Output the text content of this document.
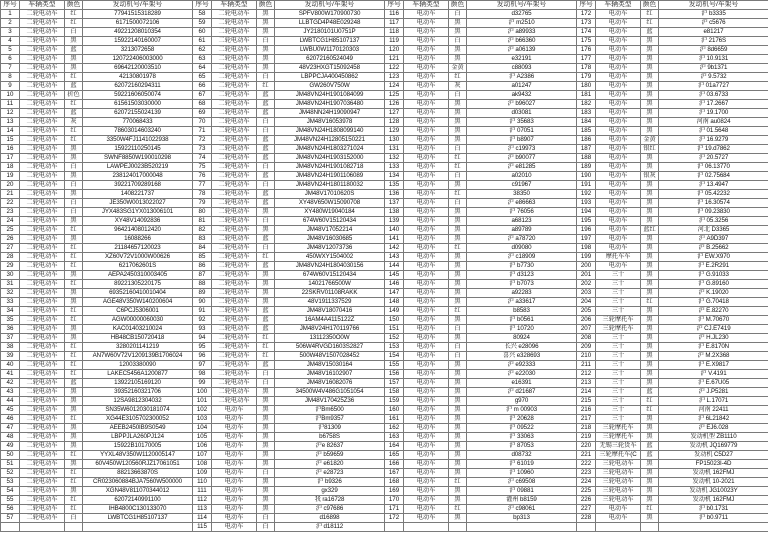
序号	车辆类型	颜色	发动机号/车架号	序号	车辆类型	颜色	发动机号/车架号	序号	车辆类型	颜色	发动机号/车架号	序号	车辆类型	颜色	发动机号/车架号
1	二轮电动车	红	77941515318289	58	二轮电动车	黑	SPFV800W170900730	116	电动车	白	d32765	172	电动车	红	沪 b3335
2	二轮电动车	红	6171500072106	59	二轮电动车	黑	LLBTGD4P48E029248	117	电动车	黑	沪 m2510	173	电动车	红	沪 c5676
3	二轮电动车	白	49221208010354	60	二轮电动车	黑	JY2180101U0751P	118	电动车	黑	沪 a89933	174	电动车	蓝	e81217
4	二轮电动车	黑	15922140160007	61	二轮电动车	白	LWBTCG1H85107137	119	电动车	白	沪 b66360	175	电动车	黑	沪 2176S
5	二轮电动车	蓝	3213072658	62	二轮电动车	黑	LWBU0W1170120303	120	电动车	黑	沪 a06139	176	电动车	黑	沪 8d6659
6	二轮电动车	黑	120722406003000	63	二轮电动车	黑	62072160524049	121	电动车	黑	e32191	177	电动车	黑	沪 10.9131
7	二轮电动车	黑	69642120003510	64	二轮电动车	黑	48V23HXGT15092458	122	电动车	金黄	c88093	178	电动车	黑	沪 9b1371
8	二轮电动车	红	42130801978	65	二轮电动车	白	LBPPCJA400450862	123	电动车	红	沪 A2386	179	电动车	黑	沪 9.5732
9	二轮电动车	蓝	62072160294311	66	二轮电动车	红	GW260V750W	124	电动车	灰	a01247	180	电动车	黑	沪 01a7727
10	二轮电动车	折色	59221606050074	67	二轮电动车	蓝	JM48VN24H1901084099	125	电动车	白	ak9432	181	电动车	黑	沪 03.6733
11	二轮电动车	红	61561503030000	68	二轮电动车	蓝	JM48VN24H1907036480	126	电动车	黑	沪 b96027	182	电动车	黑	沪 17.2667
12	二轮电动车	蓝	62072155024139	69	二轮电动车	蓝	JM48NN24H19090947	127	电动车	黑	d03081	183	电动车	黑	沪 19.1700
13	二轮电动车	灰	770068433	70	二轮电动车	白	JM48V16053978	128	电动车	黑	沪 35683	184	电动车	黑	河南 au0824
14	二轮电动车	红	78603014603240	71	二轮电动车	白	JM48VN24H1808099140	129	电动车	黑	沪 07051	185	电动车	黑	沪 01.5648
15	二轮电动车	红	3350W4FJ1141022938	72	二轮电动车	蓝	JM48VN24H12805150221	130	电动车	黑	沪 b8907	186	电动车	金黄	沪 16.9279
16	二轮电动车	黑	15922110250145	73	二轮电动车	蓝	JM48VN24H1803271024	131	电动车	白	沪 c19973	187	电动车	银红	沪 19.d7862
17	二轮电动车	黑	SWNF8850W190010298	74	二轮电动车	蓝	JM48VN24H1903152000	132	电动车	红	沪 b90077	188	电动车	黑	沪 20.5727
18	二轮电动车	白	LAWPEJ0023B520219	75	二轮电动车	白	JM48VN24H1901082718	133	电动车	红	沪 e81285	189	电动车	黑	沪 06.13770
19	二轮电动车	黑	238124017000048	76	二轮电动车	蓝	JM48VN24H1901106089	134	电动车	白	a02010	190	电动车	银灰	沪 02.75684
20	二轮电动车	白	39221709289168	77	二轮电动车	白	JM48VN24H1801180032	135	电动车	黑	c91967	191	电动车	黑	沪 13.4947
21	二轮电动车	黑	1408221737	78	二轮电动车	蓝	JM48V17010620S	136	电动车	红	38350	192	电动车	黑	沪 05.42232
22	二轮电动车	白	JE350W0013022027	79	二轮电动车	蓝	XY48V650W15090708	137	电动车	白	沪 e86663	193	电动车	黑	沪 16.30574
23	二轮电动车	白	JYX483SG1YX013006101	80	二轮电动车	黑	XY480W19040184	138	电动车	黑	沪 76056	194	电动车	黑	沪 09.23830
24	二轮电动车	黑	XY48V14092836	81	二轮电动车	白	674W60V15120434	139	电动车	黑	a68123	195	电动车	黑	沪 05.3256
25	二轮电动车	红	96421408012420	82	二轮电动车	黑	JM48V17052214	140	电动车	黑	a89789	196	电动车	蓝红	河北 D3365
26	二轮电动车	黑	16088266	83	二轮电动车	蓝	JM48V16030685	141	电动车	黑	沪 a78720	197	电动车	黑	沪 A9D397
27	二轮电动车	红	21184657120023	84	二轮电动车	白	JM48V12073736	142	电动车	红	d09080	198	电动车	黑	沪 B.25662
28	二轮电动车	红	XZ60V72V1000W00626	85	二轮电动车	红	450WXY1504002	143	电动车	黑	沪 c18909	199	摩托车车	黑	沪 EW.X970
29	二轮电动车	红	6217062601S	86	二轮电动车	蓝	JM48VN24H1804030156	144	电动车	黑	沪 b7730	200	电动车	黑	沪 E.2R291
30	二轮电动车	黑	AEPA2450310003405	87	二轮电动车	黑	674W60V15120434	145	电动车	黑	沪 d3123	201	三十	黑	沪 G.91033
31	二轮电动车	红	89221305220175	88	二轮电动车	黑	14021766500W	146	电动车	黑	沪 b7073	202	三十	黑	沪 G.89160
32	二轮电动车	黑	69352160410010404	89	二轮电动车	黑	22SKRV01108RAKK	147	电动车	黑	a92283	203	三十	黑	沪 K.19020
33	二轮电动车	黑	AGE48V350W140200604	90	二轮电动车	黑	48V1911337529	148	电动车	黑	沪 a33617	204	三十	红	沪 G.70418
34	二轮电动车	红	C6PCJ5306001	91	二轮电动车	蓝	JM48V18070416	149	电动车	红	b8583	205	三十	黑	沪 E.82270
35	二轮电动车	红	AGW00000060030	92	二轮电动车	蓝	16AM4A4115122Z	150	电动车	黑	沪 b0561	206	三轮摩托车	黑	沪 M.70670
36	二轮电动车	黑	KAC01403210024	93	二轮电动车	蓝	JM48V24H170119766	151	电动车	白	沪 10720	207	三轮摩托车	黑	沪 CJ.E7419
37	二轮电动车	黑	HB48CB150720418	94	二轮电动车	红	13112350O0W	152	电动车	黑	80924	208	三十	黑	沪 H.JL230
38	二轮电动车	红	3280201141219	95	二轮电动车	红	506W4RVGD1603S2827	153	电动车	白	长兴 e28096	209	三十	黑	沪 E.8170N
39	二轮电动车	红	AN7W60V72V1209139B1706024	96	二轮电动车	红	500W48V1507028452	154	电动车	白	喜兴 e328693	210	三十	黑	沪 M.2X368
40	二轮电动车	红	12003380090	97	二轮电动车	蓝	JM48V15030164	155	电动车	黑	沪 e92333	211	三十	黑	沪 E.X9817
41	二轮电动车	红	LAKEC5456A1200877	98	二轮电动车	白	JM48V16102907	156	电动车	黑	沪 e22030	212	三十	黑	沪 V.4191
42	二轮电动车	蓝	13922105169120	99	二轮电动车	白	JM48V16082076	157	电动车	黑	e16391	213	三十	黑	沪 E.67U05
43	二轮电动车	黑	39352160321706	100	二轮电动车	黑	34500W4V486G1051054	158	电动车	黑	沪 d21687	214	三十	蓝	沪 J.P5281
44	二轮电动车	黑	12SA9812304032	101	二轮电动车	黑	JM48V170425Z36	159	电动车	黑	g970	215	三十	红	沪 L.17071
45	二轮电动车	黑	SN35W6012030181074	102	电动车	黑	沪Bm6500	160	电动车	黑	沪 m 00903	216	三十	红	河南 22411
46	二轮电动车	红	XG44E3105702300052	103	电动车	黑	沪Bm9357	161	电动车	黑	沪 20628	217	三十	黑	沪 6L21842
47	二轮电动车	黑	AEEB2450IB9S0549	104	电动车	黑	沪81309	162	电动车	黑	沪 09522	218	三轮摩托车	黑	沪 EJ6.028
48	二轮电动车	黑	LBPPJLA260PJ124	105	电动车	黑	b6758S	163	电动车	黑	沪 33063	219	三轮摩托车	黑	发动机型 ZB1110
49	二轮电动车	黑	15922B10170005	106	电动车	黑	沪e 82637	164	电动车	黑	沪 87053	220	无锡三轮货车	蓝	发动机 JQ169779
50	二轮电动车	红	YYXL48V350W1120005147	107	电动车	黑	沪 b59659	165	电动车	黑	d08732	221	三轮摩托车(C	蓝	发动机 C5D27
51	二轮电动车	黑	60V450W120560RJZ17061051	108	电动车	黑	沪 e61820	166	电动车	黑	沪 61019	222	三轮电动车	黑	FP15023I-4D
52	二轮电动车	红	88213663870S	109	电动车	白	沪 e28723	167	电动车	黑	沪 10960	223	三轮电动车	黑	发动机 162FMJ
53	二轮电动车	红	CR023060884BJA7560W500000	110	电动车	黑	沪 b9326	168	电动车	红	沪 c69508	224	三轮电动车	黑	发动机 10-2021
54	二轮电动车	黑	XGN48V811070344012	111	电动车	黑	gx329	169	电动车	黑	沪 09881	225	三轮电动车	黑	发动机 JG10023Y
55	二轮电动车	红	62072140991100	112	电动车	黑	我 ra16728	170	电动车	黑	灌州 b8159	226	三轮电动车	黑	发动机 162FMJ
56	二轮电动车	红	IHB4800C130133070	113	电动车	黑	沪 c97686	171	电动车	红	沪 c98061	227	电动车	红	沪 b0.1731
57	二轮电动车	白	LWBTCG1H85107137	114	电动车	白	d16898	172	电动车	黑	bp313	228	电动车	黑	沪 b0.9711
				115	电动车	白	沪 d18112								
